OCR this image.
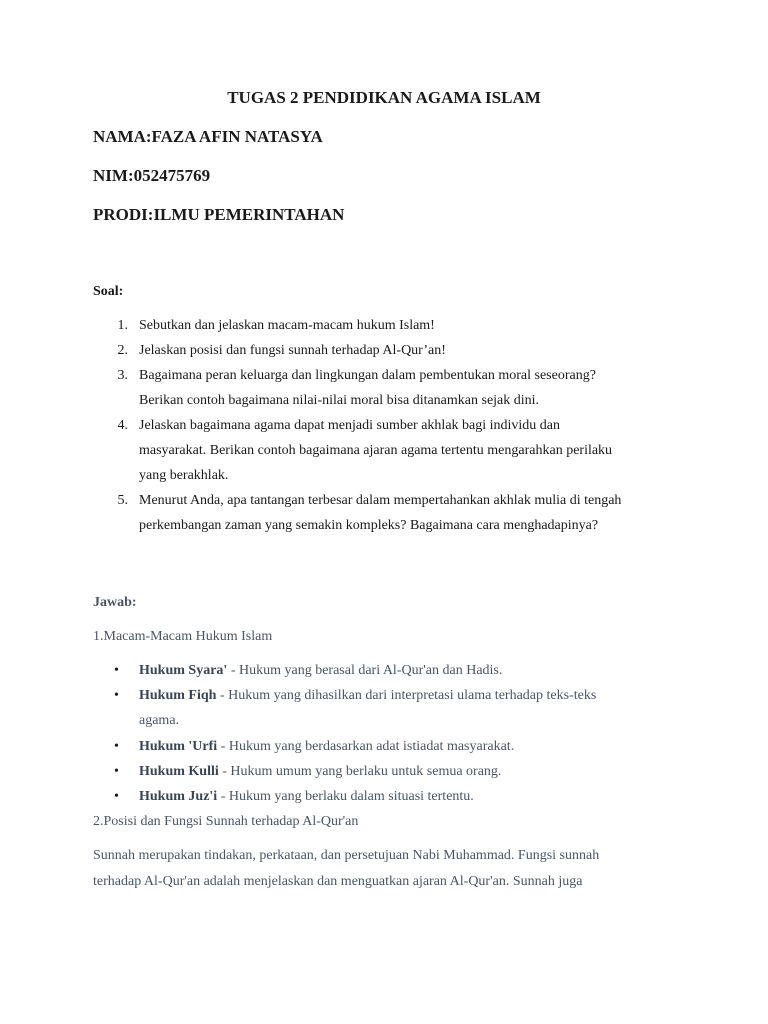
TUGAS 2 PENDIDIKAN AGAMA ISLAM

NAMA:FAZA AFIN NATASYA

NIM:052475769

PRODI:ILMU PEMERINTAHAN

Soal:

1. Sebutkan dan jelaskan macam-macam hukum Islam!
2. Jelaskan posisi dan fungsi sunnah terhadap Al-Qur’an!
3. Bagaimana peran keluarga dan lingkungan dalam pembentukan moral seseorang?
Berikan contoh bagaimana nilai-nilai moral bisa ditanamkan sejak dini.
4. Jelaskan bagaimana agama dapat menjadi sumber akhlak bagi individu dan
masyarakat. Berikan contoh bagaimana ajaran agama tertentu mengarahkan perilaku
yang berakhlak.
5. Menurut Anda, apa tantangan terbesar dalam mempertahankan akhlak mulia di tengah
perkembangan zaman yang semakin kompleks? Bagaimana cara menghadapinya?

Jawab:

1.Macam-Macam Hukum Islam

• Hukum Syara' - Hukum yang berasal dari Al-Qur'an dan Hadis.
• Hukum Fiqh - Hukum yang dihasilkan dari interpretasi ulama terhadap teks-teks
agama.
• Hukum 'Urfi - Hukum yang berdasarkan adat istiadat masyarakat.
• Hukum Kulli - Hukum umum yang berlaku untuk semua orang.
• Hukum Juz'i - Hukum yang berlaku dalam situasi tertentu.

2.Posisi dan Fungsi Sunnah terhadap Al-Qur'an

Sunnah merupakan tindakan, perkataan, dan persetujuan Nabi Muhammad. Fungsi sunnah

terhadap Al-Qur'an adalah menjelaskan dan menguatkan ajaran Al-Qur'an. Sunnah juga
